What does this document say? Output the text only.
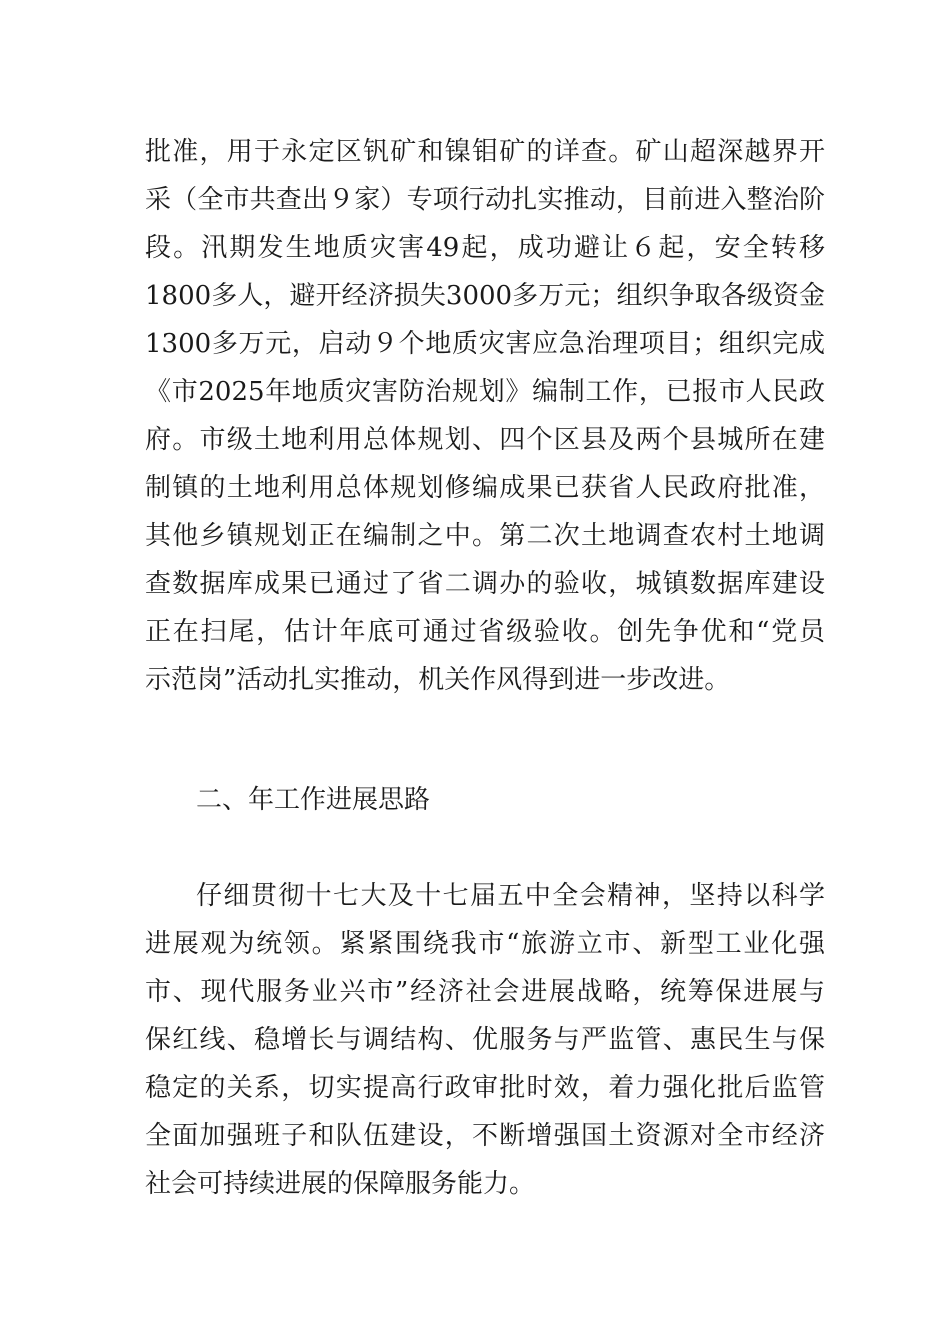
批准，用于永定区钒矿和镍钼矿的详查。矿山超深越界开
采（全市共查出９家）专项行动扎实推动，目前进入整治阶
段。汛期发生地质灾害49起，成功避让６起，安全转移
1800多人，避开经济损失3000多万元；组织争取各级资金
1300多万元，启动９个地质灾害应急治理项目；组织完成
《市2025年地质灾害防治规划》编制工作，已报市人民政
府。市级土地利用总体规划、四个区县及两个县城所在建
制镇的土地利用总体规划修编成果已获省人民政府批准，
其他乡镇规划正在编制之中。第二次土地调查农村土地调
查数据库成果已通过了省二调办的验收，城镇数据库建设
正在扫尾，估计年底可通过省级验收。创先争优和“党员
示范岗”活动扎实推动，机关作风得到进一步改进。
二、年工作进展思路
仔细贯彻十七大及十七届五中全会精神，坚持以科学
进展观为统领。紧紧围绕我市“旅游立市、新型工业化强
市、现代服务业兴市”经济社会进展战略，统筹保进展与
保红线、稳增长与调结构、优服务与严监管、惠民生与保
稳定的关系，切实提高行政审批时效，着力强化批后监管
全面加强班子和队伍建设，不断增强国土资源对全市经济
社会可持续进展的保障服务能力。
